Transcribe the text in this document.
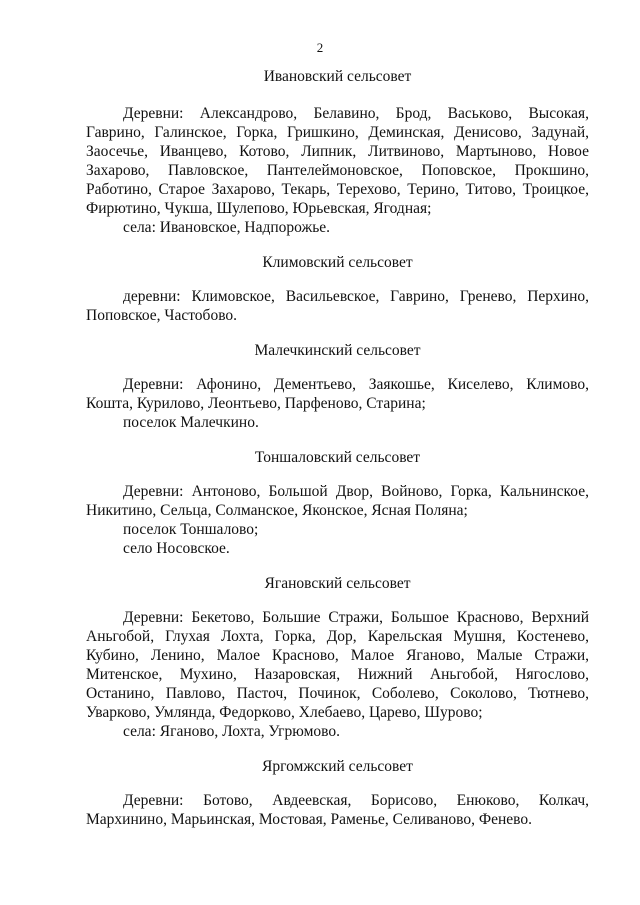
2

Ивановский сельсовет

Деревни: Александрово, Белавино, Брод, Васьково, Высокая, Гаврино, Галинское, Горка, Гришкино, Деминская, Денисово, Задунай, Заосечье, Иванцево, Котово, Липник, Литвиново, Мартыново, Новое Захарово, Павловское, Пантелеймоновское, Поповское, Прокшино, Работино, Старое Захарово, Текарь, Терехово, Терино, Титово, Троицкое, Фирютино, Чукша, Шулепово, Юрьевская, Ягодная;

села: Ивановское, Надпорожье.

Климовский сельсовет

деревни: Климовское, Васильевское, Гаврино, Гренево, Перхино, Поповское, Частобово.

Малечкинский сельсовет

Деревни: Афонино, Дементьево, Заякошье, Киселево, Климово, Кошта, Курилово, Леонтьево, Парфеново, Старина;

поселок Малечкино.

Тоншаловский сельсовет

Деревни: Антоново, Большой Двор, Войново, Горка, Кальнинское, Никитино, Сельца, Солманское, Яконское, Ясная Поляна;

поселок Тоншалово;

село Носовское.

Ягановский сельсовет

Деревни: Бекетово, Большие Стражи, Большое Красново, Верхний Аньгобой, Глухая Лохта, Горка, Дор, Карельская Мушня, Костенево, Кубино, Ленино, Малое Красново, Малое Яганово, Малые Стражи, Митенское, Мухино, Назаровская, Нижний Аньгобой, Нягослово, Останино, Павлово, Пасточ, Починок, Соболево, Соколово, Тютнево, Уварково, Умлянда, Федорково, Хлебаево, Царево, Шурово;

села: Яганово, Лохта, Угрюмово.

Яргомжский сельсовет

Деревни: Ботово, Авдеевская, Борисово, Енюково, Колкач, Мархинино, Марьинская, Мостовая, Раменье, Селиваново, Фенево.
